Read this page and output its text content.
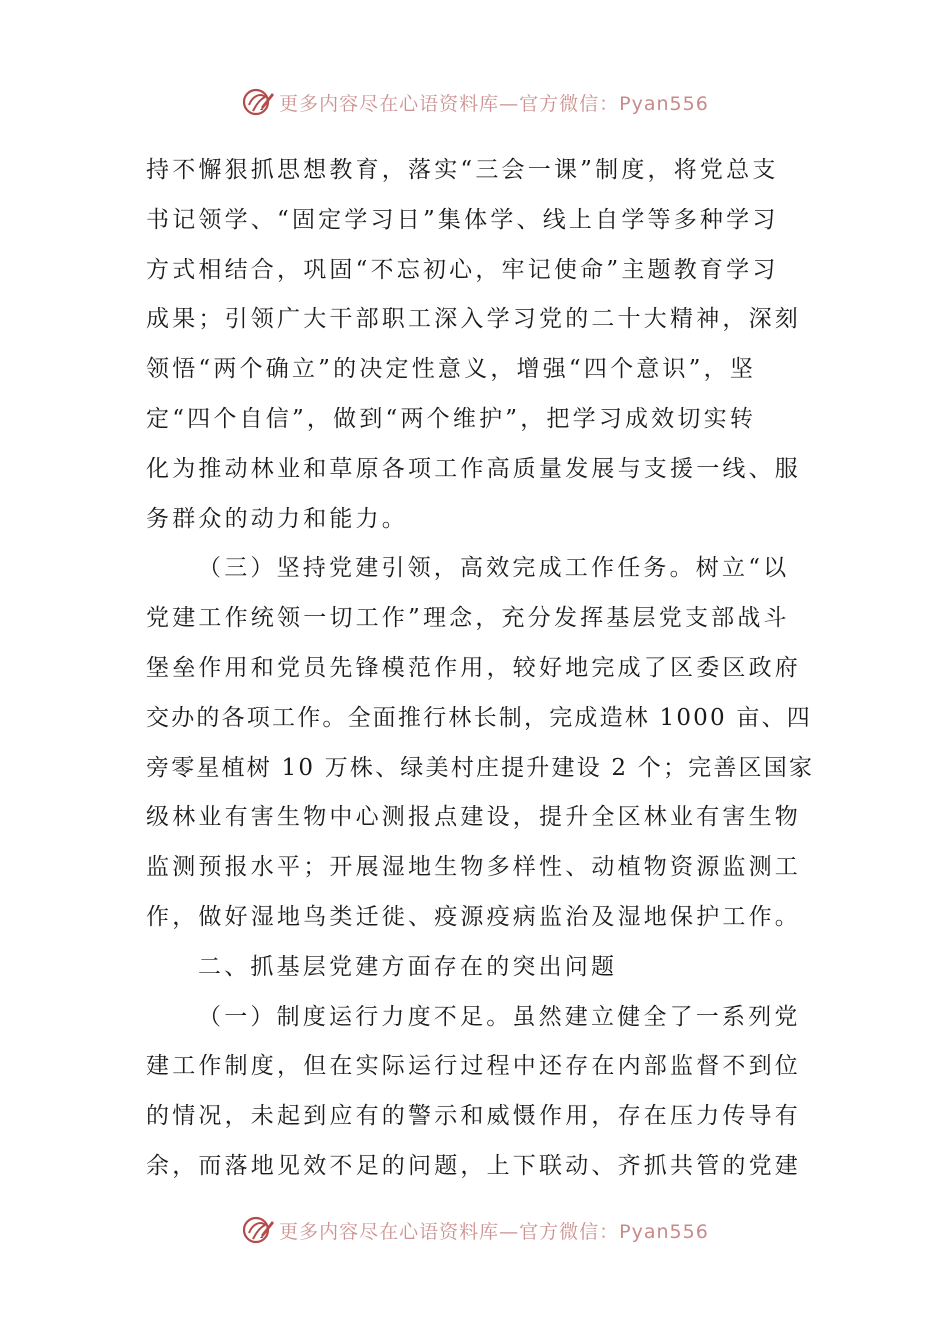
更多内容尽在心语资料库—官方微信：Pyan556
持不懈狠抓思想教育，落实“三会一课”制度，将党总支
书记领学、“固定学习日”集体学、线上自学等多种学习
方式相结合，巩固“不忘初心，牢记使命”主题教育学习
成果；引领广大干部职工深入学习党的二十大精神，深刻
领悟“两个确立”的决定性意义，增强“四个意识”，坚
定“四个自信”，做到“两个维护”，把学习成效切实转
化为推动林业和草原各项工作高质量发展与支援一线、服
务群众的动力和能力。
（三）坚持党建引领，高效完成工作任务。树立“以
党建工作统领一切工作”理念，充分发挥基层党支部战斗
堡垒作用和党员先锋模范作用，较好地完成了区委区政府
交办的各项工作。全面推行林长制，完成造林 1000 亩、四
旁零星植树 10 万株、绿美村庄提升建设 2 个；完善区国家
级林业有害生物中心测报点建设，提升全区林业有害生物
监测预报水平；开展湿地生物多样性、动植物资源监测工
作，做好湿地鸟类迁徙、疫源疫病监治及湿地保护工作。
二、抓基层党建方面存在的突出问题
（一）制度运行力度不足。虽然建立健全了一系列党
建工作制度，但在实际运行过程中还存在内部监督不到位
的情况，未起到应有的警示和威慑作用，存在压力传导有
余，而落地见效不足的问题，上下联动、齐抓共管的党建
更多内容尽在心语资料库—官方微信：Pyan556
